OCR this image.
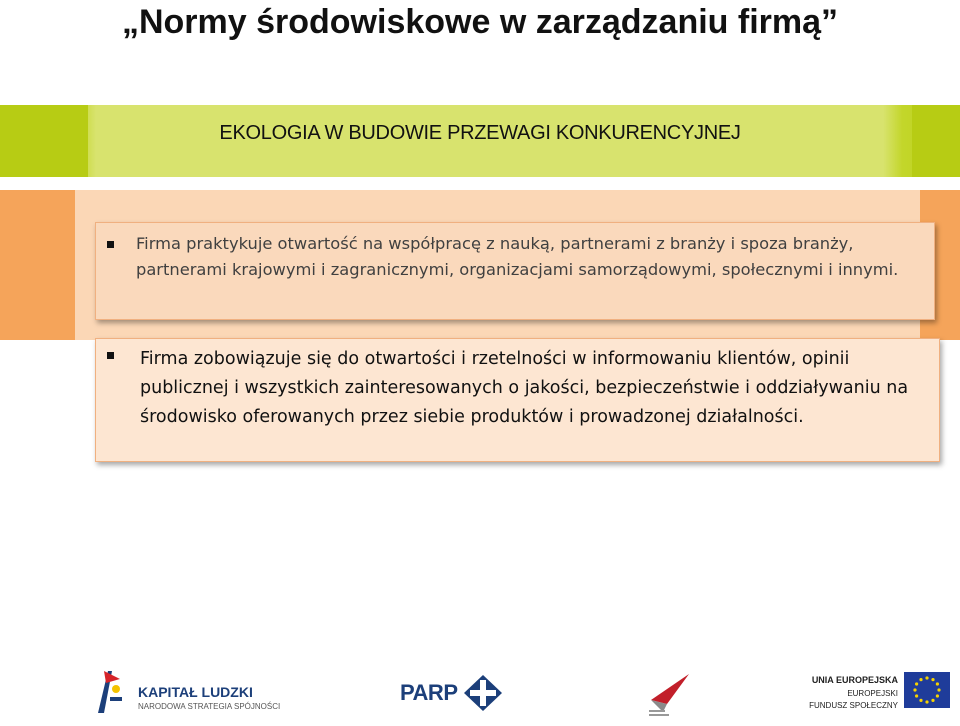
„Normy środowiskowe w zarządzaniu firmą”
EKOLOGIA W BUDOWIE PRZEWAGI KONKURENCYJNEJ
Firma praktykuje otwartość na współpracę z nauką, partnerami z branży i spoza branży, partnerami krajowymi i zagranicznymi, organizacjami samorządowymi, społecznymi i innymi.
Firma zobowiązuje się do otwartości i rzetelności w informowaniu klientów, opinii publicznej i wszystkich zainteresowanych o jakości, bezpieczeństwie i oddziaływaniu na środowisko oferowanych przez siebie produktów i prowadzonej działalności.
KAPITAŁ LUDZKI
NARODOWA STRATEGIA SPÓJNOŚCI
PARP	UNIA EUROPEJSKA
EUROPEJSKI
FUNDUSZ SPOŁECZNY
